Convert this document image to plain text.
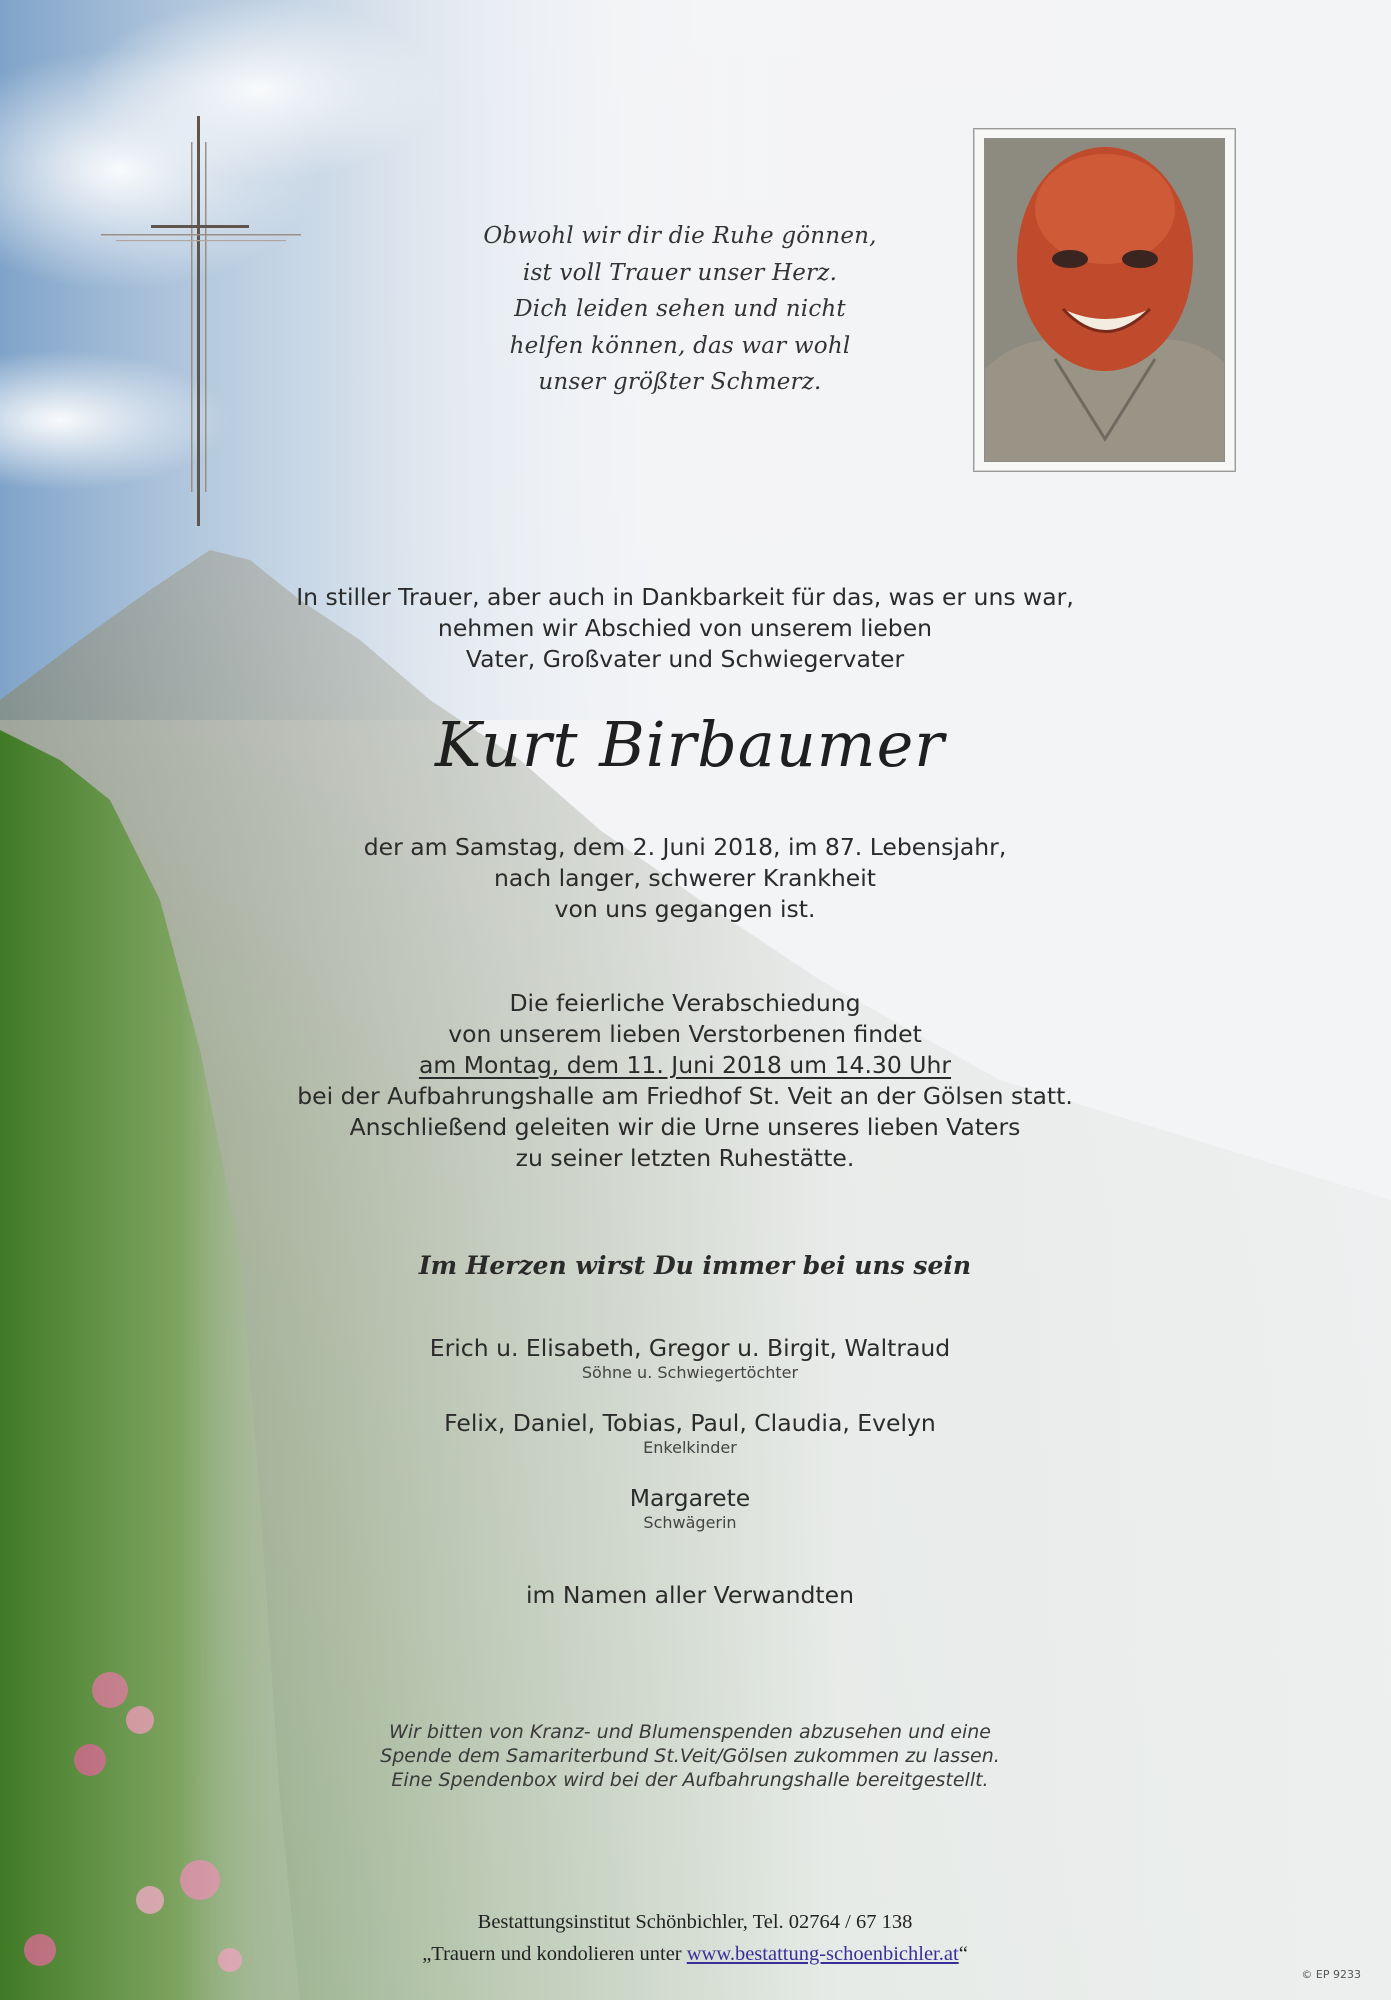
Obwohl wir dir die Ruhe gönnen,
ist voll Trauer unser Herz.
Dich leiden sehen und nicht
helfen können, das war wohl
unser größter Schmerz.
In stiller Trauer, aber auch in Dankbarkeit für das, was er uns war,
nehmen wir Abschied von unserem lieben
Vater, Großvater und Schwiegervater
Kurt Birbaumer
der am Samstag, dem 2. Juni 2018, im 87. Lebensjahr,
nach langer, schwerer Krankheit
von uns gegangen ist.
Die feierliche Verabschiedung
von unserem lieben Verstorbenen findet
am Montag, dem 11. Juni 2018 um 14.30 Uhr
bei der Aufbahrungshalle am Friedhof St. Veit an der Gölsen statt.
Anschließend geleiten wir die Urne unseres lieben Vaters
zu seiner letzten Ruhestätte.
Im Herzen wirst Du immer bei uns sein
Erich u. Elisabeth, Gregor u. Birgit, Waltraud
Söhne u. Schwiegertöchter
Felix, Daniel, Tobias, Paul, Claudia, Evelyn
Enkelkinder
Margarete
Schwägerin
im Namen aller Verwandten
Wir bitten von Kranz- und Blumenspenden abzusehen und eine
Spende dem Samariterbund St.Veit/Gölsen zukommen zu lassen.
Eine Spendenbox wird bei der Aufbahrungshalle bereitgestellt.
Bestattungsinstitut Schönbichler, Tel. 02764 / 67 138
„Trauern und kondolieren unter www.bestattung-schoenbichler.at“
© EP 9233
